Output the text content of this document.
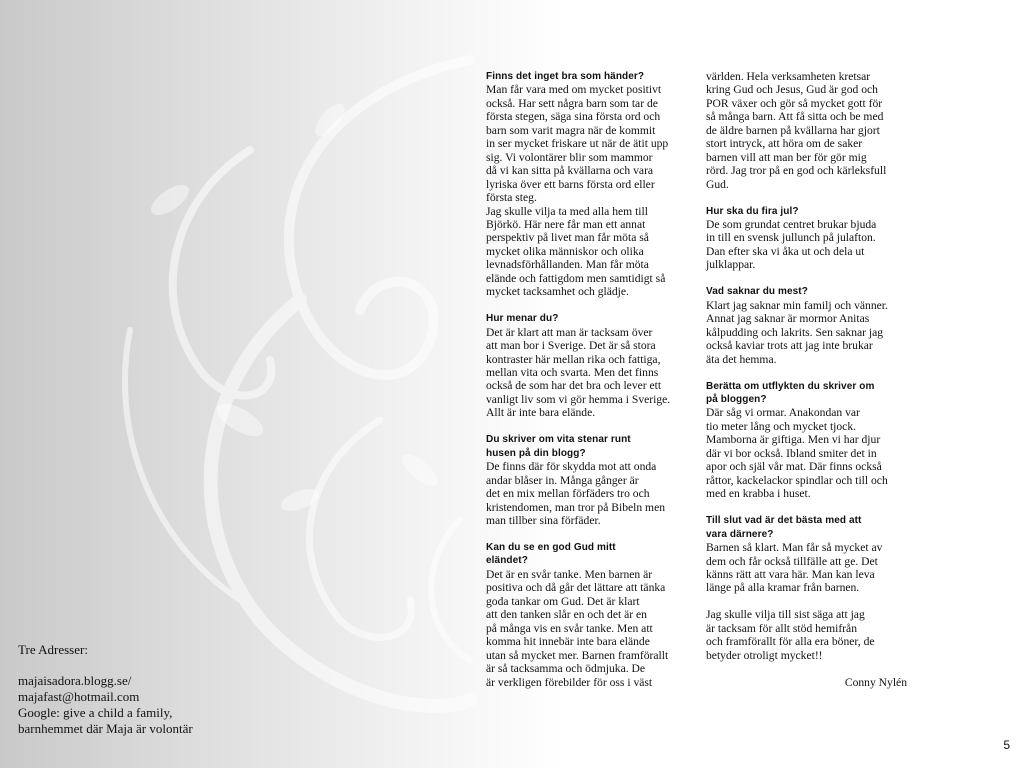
Finns det inget bra som händer?
Man får vara med om mycket positivt
också. Har sett några barn som tar de
första stegen, säga sina första ord och
barn som varit magra när de kommit
in ser mycket friskare ut när de ätit upp
sig. Vi volontärer blir som mammor
då vi kan sitta på kvällarna och vara
lyriska över ett barns första ord eller
första steg.
Jag skulle vilja ta med alla hem till
Björkö. Här nere får man ett annat
perspektiv på livet man får möta så
mycket olika människor och olika
levnadsförhållanden. Man får möta
eländе och fattigdom men samtidigt så
mycket tacksamhet och glädje.
Hur menar du?
Det är klart att man är tacksam över
att man bor i Sverige. Det är så stora
kontraster här mellan rika och fattiga,
mellan vita och svarta. Men det finns
också de som har det bra och lever ett
vanligt liv som vi gör hemma i Sverige.
Allt är inte bara elände.
Du skriver om vita stenar runt
husen på din blogg?
De finns där för skydda mot att onda
andar blåser in. Många gånger är
det en mix mellan förfäders tro och
kristendomen, man tror på Bibeln men
man tillber sina förfäder.
Kan du se en god Gud mitt
eländet?
Det är en svår tanke. Men barnen är
positiva och då går det lättare att tänka
goda tankar om Gud. Det är klart
att den tanken slår en och det är en
på många vis en svår tanke. Men att
komma hit innebär inte bara elände
utan så mycket mer. Barnen framförallt
är så tacksamma och ödmjuka. De
är verkligen förebilder för oss i väst
världen. Hela verksamheten kretsar
kring Gud och Jesus, Gud är god och
POR växer och gör så mycket gott för
så många barn. Att få sitta och be med
de äldre barnen på kvällarna har gjort
stort intryck, att höra om de saker
barnen vill att man ber för gör mig
rörd. Jag tror på en god och kärleksfull
Gud.
Hur ska du fira jul?
De som grundat centret brukar bjuda
in till en svensk jullunch på julafton.
Dan efter ska vi åka ut och dela ut
julklappar.
Vad saknar du mest?
Klart jag saknar min familj och vänner.
Annat jag saknar är mormor Anitas
kålpudding och lakrits. Sen saknar jag
också kaviar trots att jag inte brukar
äta det hemma.
Berätta om utflykten du skriver om
på bloggen?
Där såg vi ormar. Anakondan var
tio meter lång och mycket tjock.
Mamborna är giftiga. Men vi har djur
där vi bor också. Ibland smiter det in
apor och själ vår mat. Där finns också
råttor, kackelackor spindlar och till och
med en krabba i huset.
Till slut vad är det bästa med att
vara därnere?
Barnen så klart. Man får så mycket av
dem och får också tillfälle att ge. Det
känns rätt att vara här. Man kan leva
länge på alla kramar från barnen.
Jag skulle vilja till sist säga att jag
är tacksam för allt stöd hemifrån
och framförallt för alla era böner, de
betyder otroligt mycket!!
Conny Nylén
Tre Adresser:
majaisadora.blogg.se/
majafast@hotmail.com
Google: give a child a family,
barnhemmet där Maja är volontär
5
